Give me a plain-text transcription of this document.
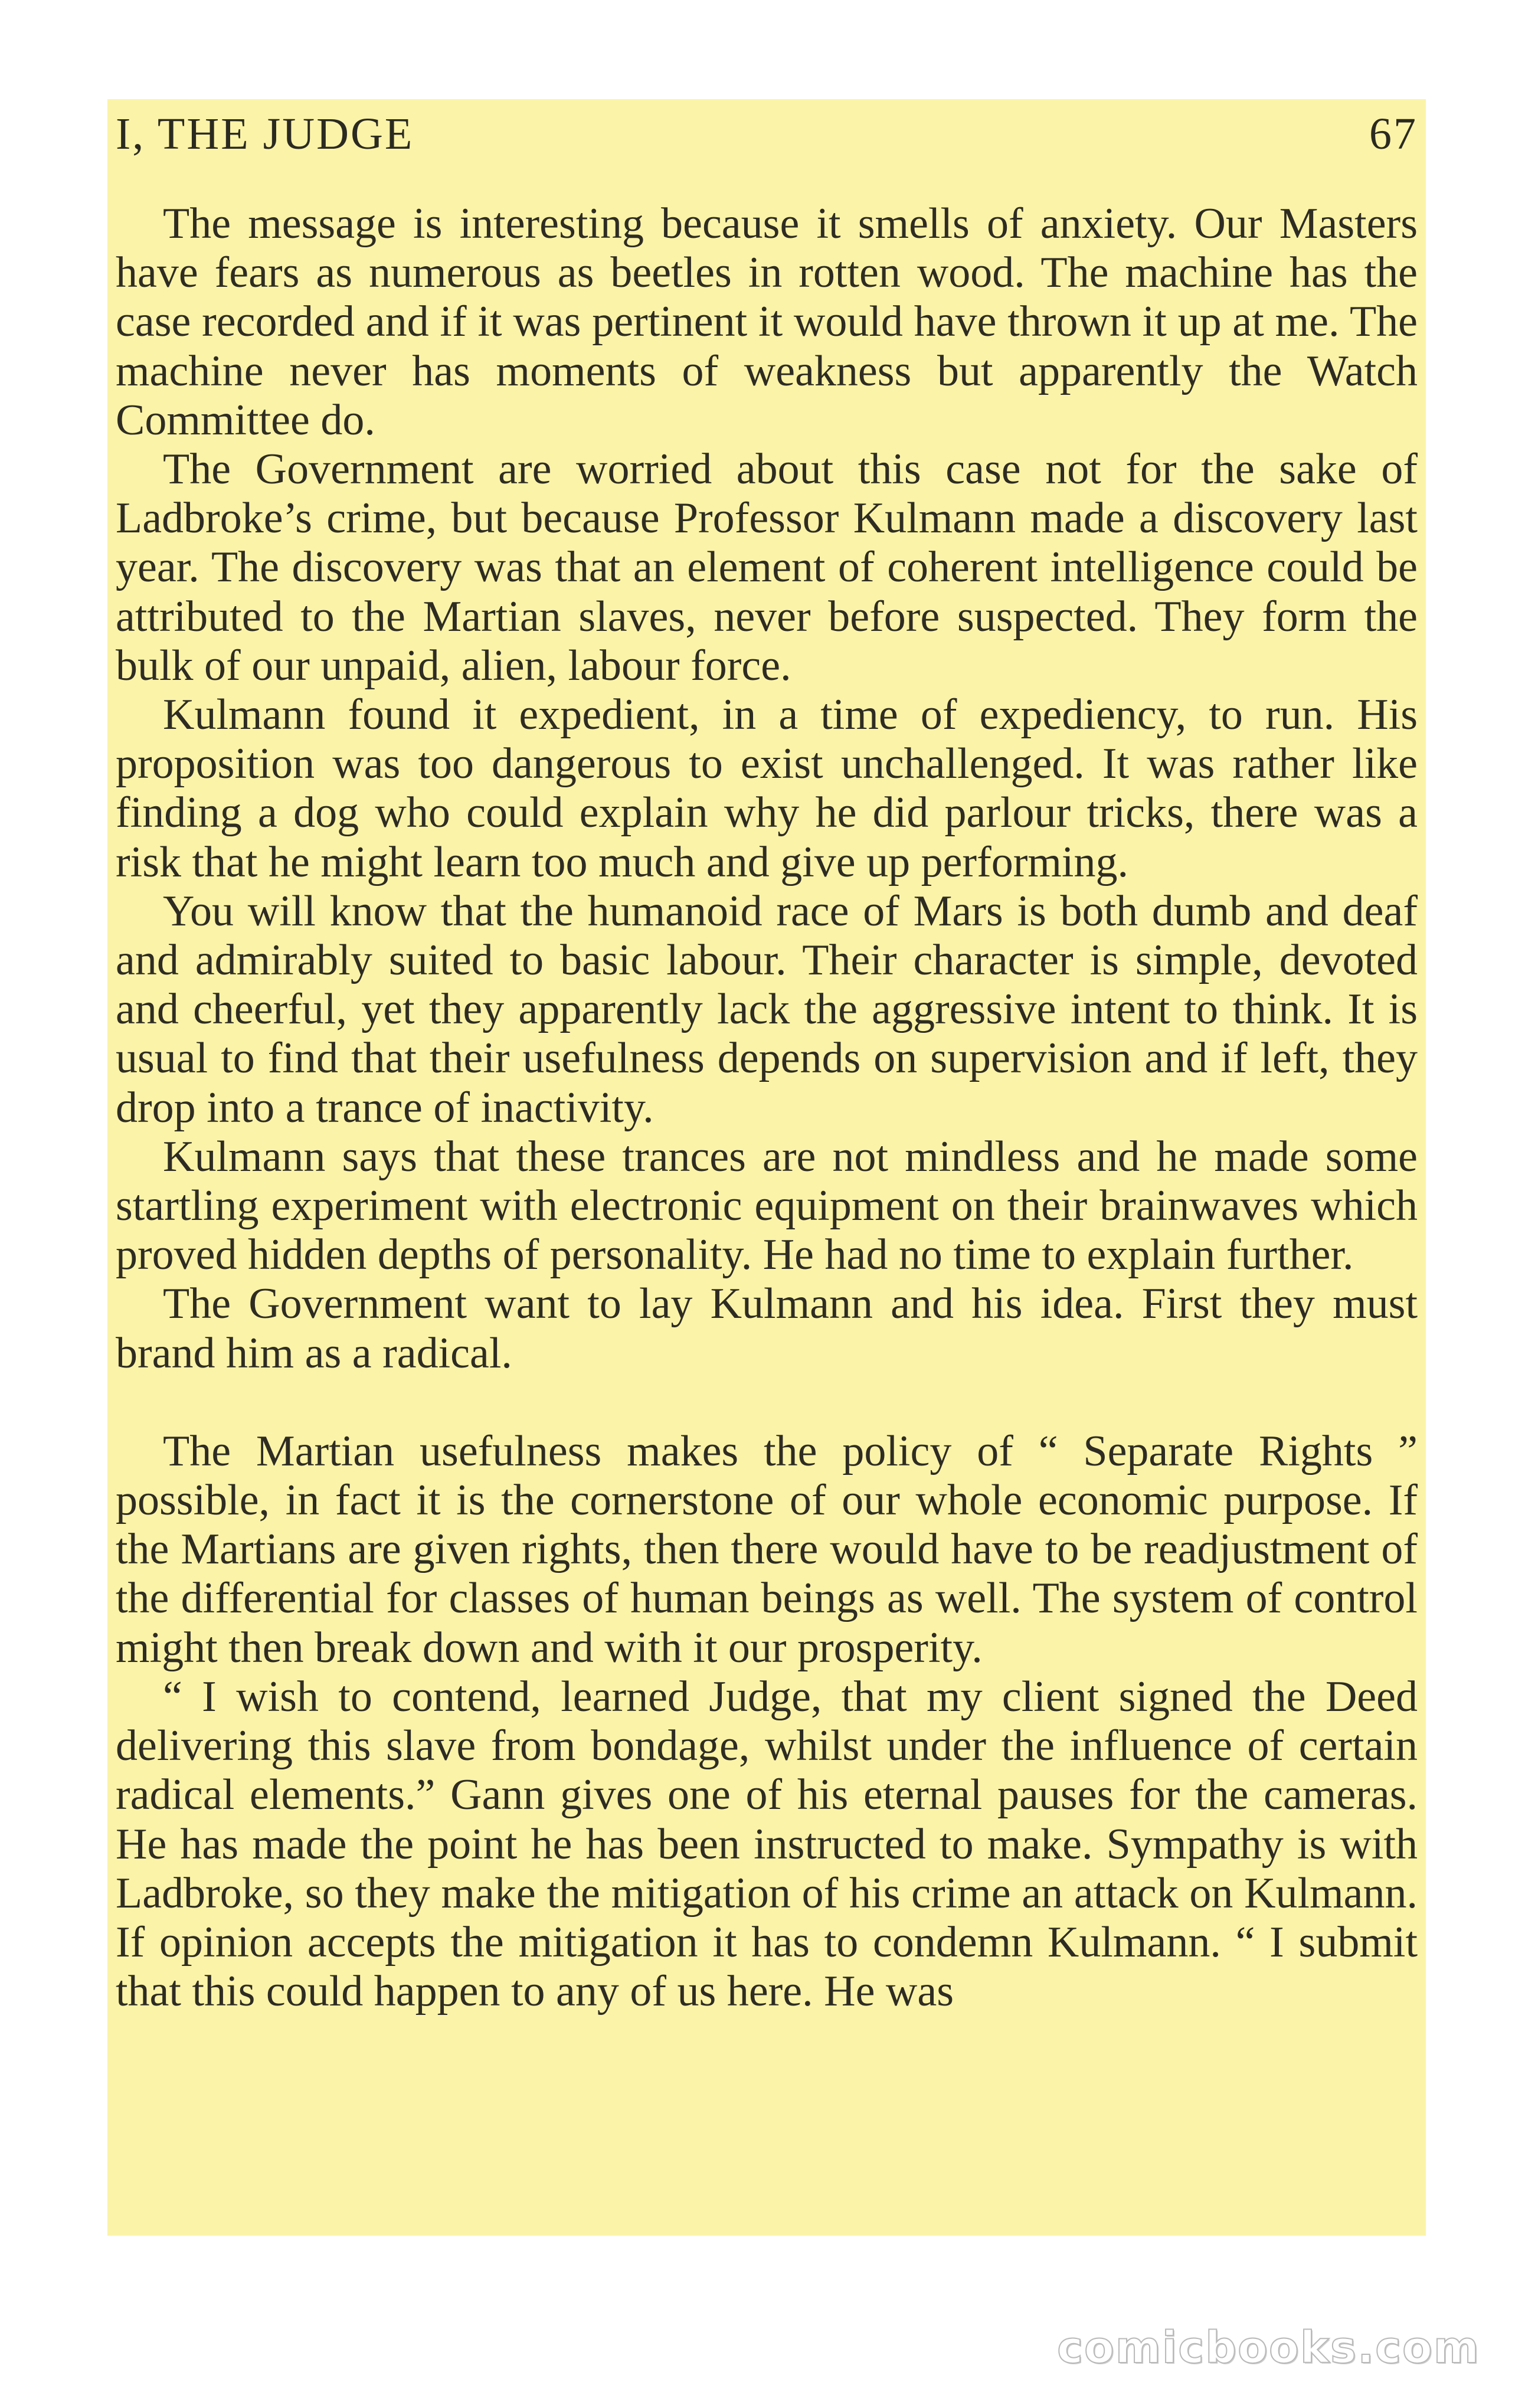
I, THE JUDGE	67

The message is interesting because it smells of anxiety. Our Masters have fears as numerous as beetles in rotten wood. The machine has the case recorded and if it was pertinent it would have thrown it up at me. The machine never has moments of weakness but apparently the Watch Committee do.

The Government are worried about this case not for the sake of Ladbroke’s crime, but because Professor Kulmann made a discovery last year. The discovery was that an element of coherent intelligence could be attributed to the Martian slaves, never before suspected. They form the bulk of our unpaid, alien, labour force.

Kulmann found it expedient, in a time of expediency, to run. His proposition was too dangerous to exist unchallenged. It was rather like finding a dog who could explain why he did parlour tricks, there was a risk that he might learn too much and give up performing.

You will know that the humanoid race of Mars is both dumb and deaf and admirably suited to basic labour. Their character is simple, devoted and cheerful, yet they apparently lack the aggressive intent to think. It is usual to find that their usefulness depends on supervision and if left, they drop into a trance of inactivity.

Kulmann says that these trances are not mindless and he made some startling experiment with electronic equipment on their brainwaves which proved hidden depths of personality. He had no time to explain further.

The Government want to lay Kulmann and his idea. First they must brand him as a radical.

The Martian usefulness makes the policy of “ Separate Rights ” possible, in fact it is the cornerstone of our whole economic purpose. If the Martians are given rights, then there would have to be readjustment of the differential for classes of human beings as well. The system of control might then break down and with it our prosperity.

“ I wish to contend, learned Judge, that my client signed the Deed delivering this slave from bondage, whilst under the influence of certain radical elements.” Gann gives one of his eternal pauses for the cameras. He has made the point he has been instructed to make. Sympathy is with Ladbroke, so they make the mitigation of his crime an attack on Kulmann. If opinion accepts the mitigation it has to condemn Kulmann. “ I submit that this could happen to any of us here. He was

comicbooks.com
